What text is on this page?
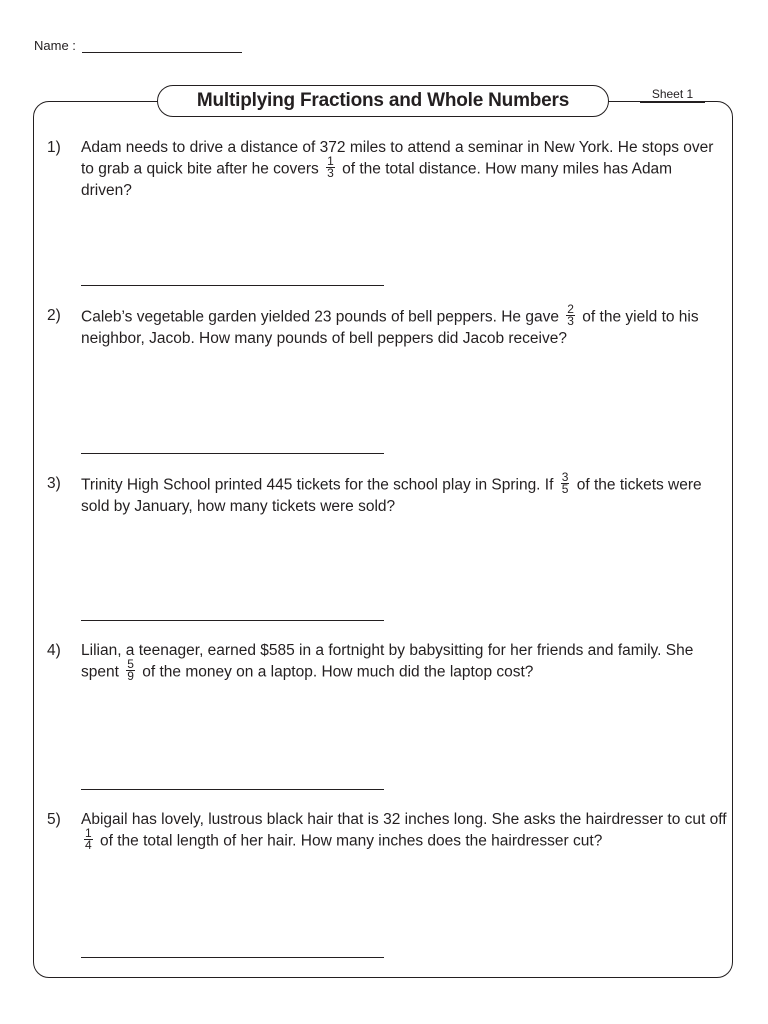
Name :
Multiplying Fractions and Whole Numbers	Sheet 1
1) Adam needs to drive a distance of 372 miles to attend a seminar in New York. He stops over to grab a quick bite after he covers $\frac{1}{3}$ of the total distance. How many miles has Adam driven?
2) Caleb’s vegetable garden yielded 23 pounds of bell peppers. He gave $\frac{2}{3}$ of the yield to his neighbor, Jacob. How many pounds of bell peppers did Jacob receive?
3) Trinity High School printed 445 tickets for the school play in Spring. If $\frac{3}{5}$ of the tickets were sold by January, how many tickets were sold?
4) Lilian, a teenager, earned $585 in a fortnight by babysitting for her friends and family. She spent $\frac{5}{9}$ of the money on a laptop. How much did the laptop cost?
5) Abigail has lovely, lustrous black hair that is 32 inches long. She asks the hairdresser to cut off
$\frac{1}{4}$ of the total length of her hair. How many inches does the hairdresser cut?
